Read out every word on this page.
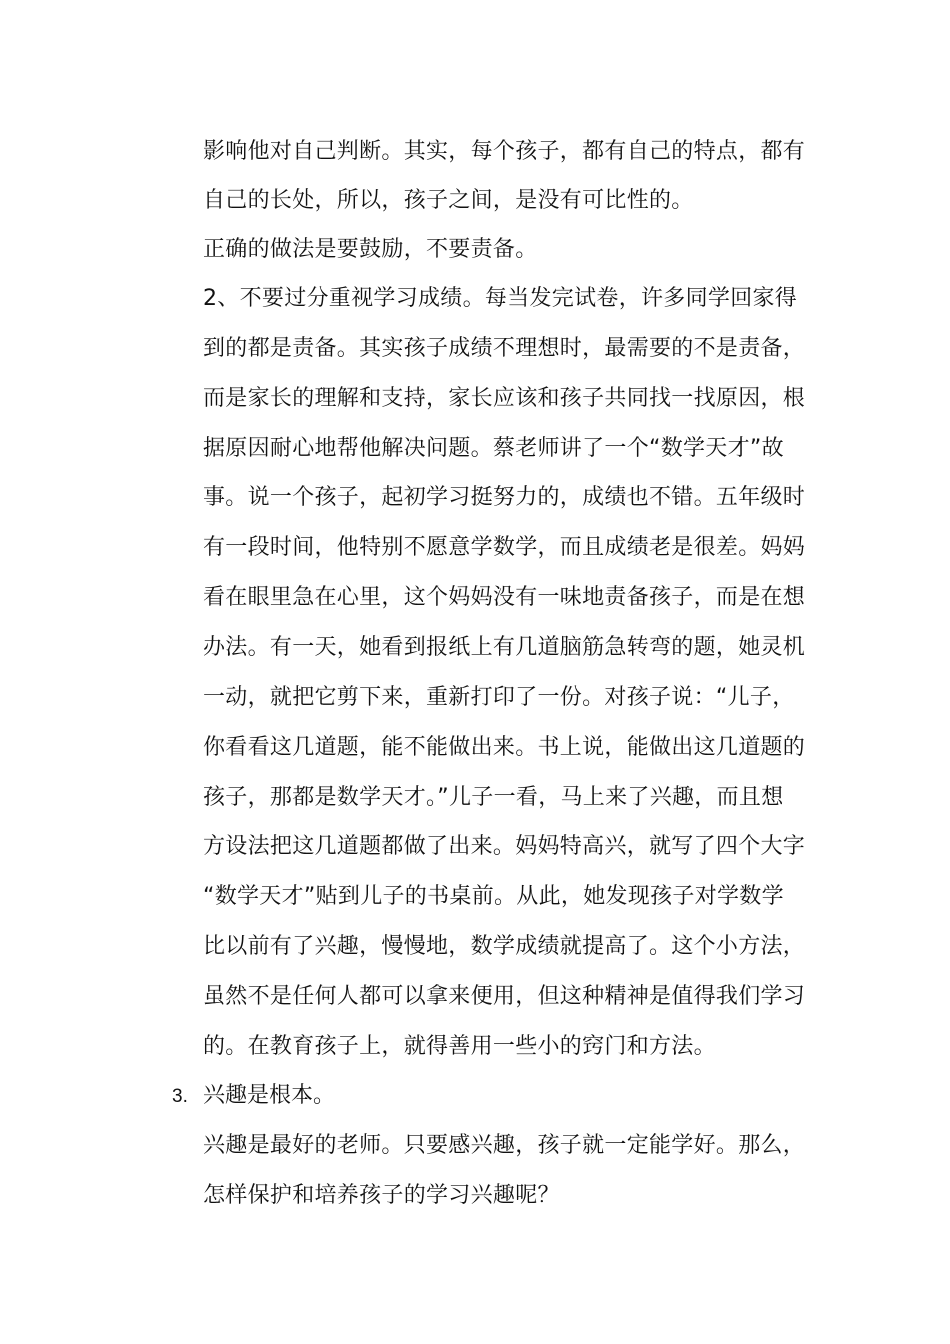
影响他对自己判断。其实，每个孩子，都有自己的特点，都有
自己的长处，所以，孩子之间，是没有可比性的。
正确的做法是要鼓励，不要责备。
2、不要过分重视学习成绩。每当发完试卷，许多同学回家得
到的都是责备。其实孩子成绩不理想时，最需要的不是责备，
而是家长的理解和支持，家长应该和孩子共同找一找原因，根
据原因耐心地帮他解决问题。蔡老师讲了一个“数学天才”故
事。说一个孩子，起初学习挺努力的，成绩也不错。五年级时
有一段时间，他特别不愿意学数学，而且成绩老是很差。妈妈
看在眼里急在心里，这个妈妈没有一味地责备孩子，而是在想
办法。有一天，她看到报纸上有几道脑筋急转弯的题，她灵机
一动，就把它剪下来，重新打印了一份。对孩子说：“儿子，
你看看这几道题，能不能做出来。书上说，能做出这几道题的
孩子，那都是数学天才。”儿子一看，马上来了兴趣，而且想
方设法把这几道题都做了出来。妈妈特高兴，就写了四个大字
“数学天才”贴到儿子的书桌前。从此，她发现孩子对学数学
比以前有了兴趣，慢慢地，数学成绩就提高了。这个小方法，
虽然不是任何人都可以拿来便用，但这种精神是值得我们学习
的。在教育孩子上，就得善用一些小的窍门和方法。
3. 兴趣是根本。
兴趣是最好的老师。只要感兴趣，孩子就一定能学好。那么，
怎样保护和培养孩子的学习兴趣呢？
